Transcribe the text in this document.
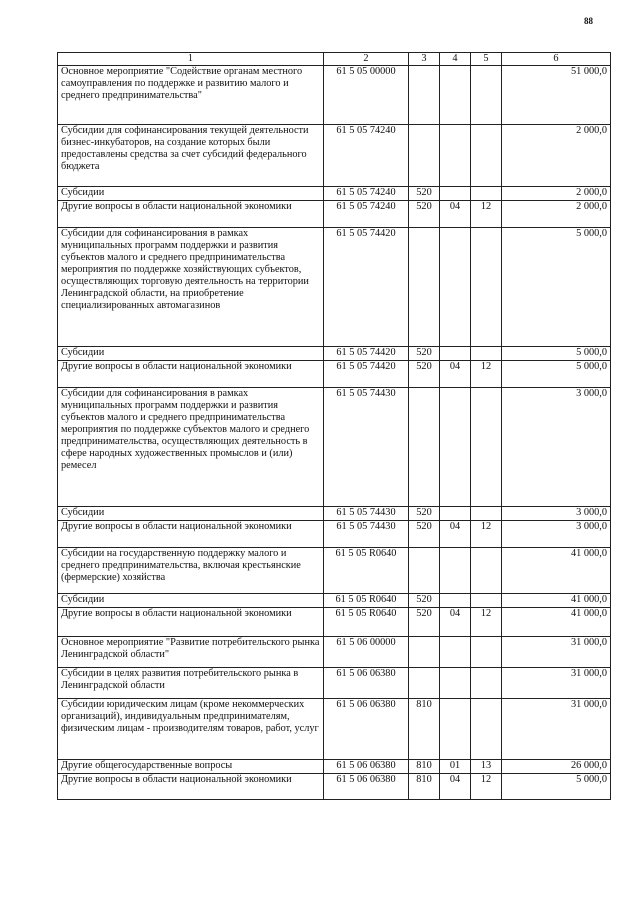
88
1	2	3	4	5	6
Основное мероприятие "Содействие органам местного самоуправления по поддержке и развитию малого и среднего предпринимательства"	61 5 05 00000				51 000,0
Субсидии для софинансирования текущей деятельности бизнес-инкубаторов, на создание которых были предоставлены средства за счет субсидий федерального бюджета	61 5 05 74240				2 000,0
Субсидии	61 5 05 74240	520			2 000,0
Другие вопросы в области национальной экономики	61 5 05 74240	520	04	12	2 000,0
Субсидии для софинансирования в рамках муниципальных программ поддержки и развития субъектов малого и среднего предпринимательства мероприятия по поддержке хозяйствующих субъектов, осуществляющих торговую деятельность на территории Ленинградской области, на приобретение специализированных автомагазинов	61 5 05 74420				5 000,0
Субсидии	61 5 05 74420	520			5 000,0
Другие вопросы в области национальной экономики	61 5 05 74420	520	04	12	5 000,0
Субсидии для софинансирования в рамках муниципальных программ поддержки и развития субъектов малого и среднего предпринимательства мероприятия по поддержке субъектов малого и среднего предпринимательства, осуществляющих деятельность в сфере народных художественных промыслов и (или) ремесел	61 5 05 74430				3 000,0
Субсидии	61 5 05 74430	520			3 000,0
Другие вопросы в области национальной экономики	61 5 05 74430	520	04	12	3 000,0
Субсидии на государственную поддержку малого и среднего предпринимательства, включая крестьянские (фермерские) хозяйства	61 5 05 R0640				41 000,0
Субсидии	61 5 05 R0640	520			41 000,0
Другие вопросы в области национальной экономики	61 5 05 R0640	520	04	12	41 000,0
Основное мероприятие "Развитие потребительского рынка Ленинградской области"	61 5 06 00000				31 000,0
Субсидии в целях развития потребительского рынка в Ленинградской области	61 5 06 06380				31 000,0
Субсидии юридическим лицам (кроме некоммерческих организаций), индивидуальным предпринимателям, физическим лицам - производителям товаров, работ, услуг	61 5 06 06380	810			31 000,0
Другие общегосударственные вопросы	61 5 06 06380	810	01	13	26 000,0
Другие вопросы в области национальной экономики	61 5 06 06380	810	04	12	5 000,0
